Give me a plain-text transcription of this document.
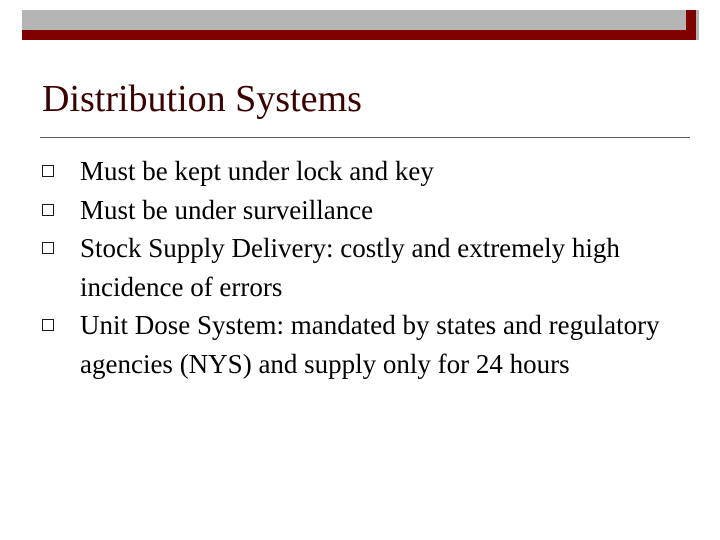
Distribution Systems
Must be kept under lock and key
Must be under surveillance
Stock Supply Delivery: costly and extremely high incidence of errors
Unit Dose System: mandated by states and regulatory agencies (NYS) and supply only for 24 hours
